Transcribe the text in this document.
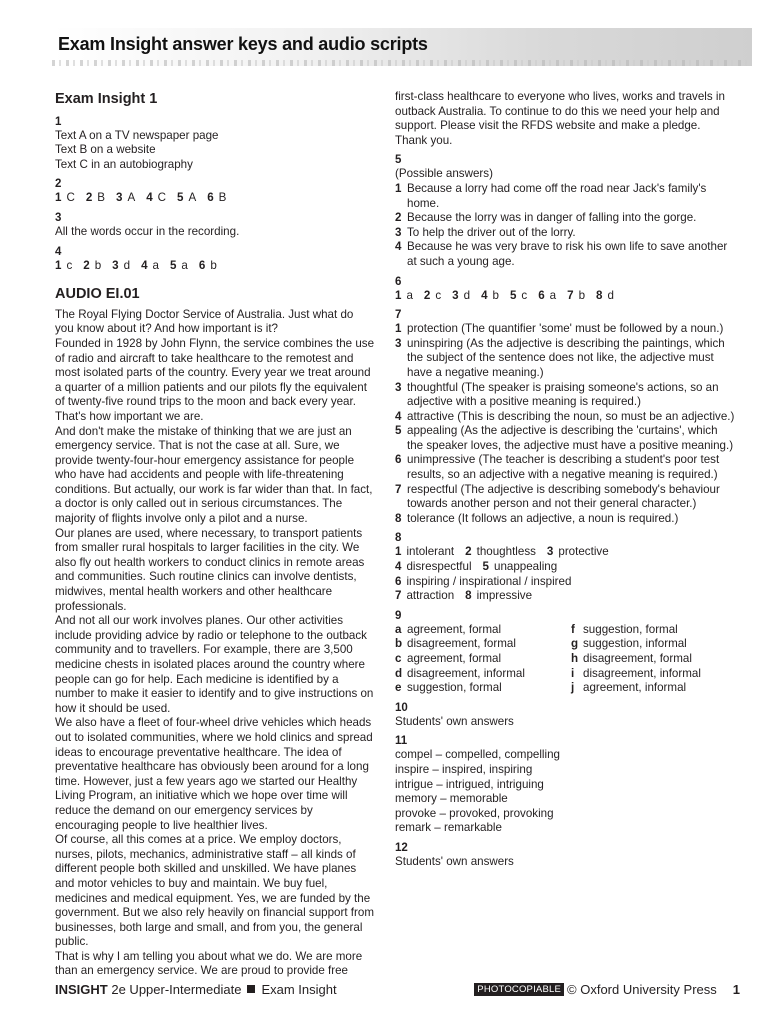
Exam Insight answer keys and audio scripts
Exam Insight 1
1
Text A on a TV newspaper page
Text B on a website
Text C in an autobiography
2
1 C 2 B 3 A 4 C 5 A 6 B
3
All the words occur in the recording.
4
1 c 2 b 3 d 4 a 5 a 6 b
AUDIO EI.01
The Royal Flying Doctor Service of Australia. Just what do you know about it? And how important is it?
Founded in 1928 by John Flynn, the service combines the use of radio and aircraft to take healthcare to the remotest and most isolated parts of the country. Every year we treat around a quarter of a million patients and our pilots fly the equivalent of twenty-five round trips to the moon and back every year. That's how important we are.
And don't make the mistake of thinking that we are just an emergency service. That is not the case at all. Sure, we provide twenty-four-hour emergency assistance for people who have had accidents and people with life-threatening conditions. But actually, our work is far wider than that. In fact, a doctor is only called out in serious circumstances. The majority of flights involve only a pilot and a nurse.
Our planes are used, where necessary, to transport patients from smaller rural hospitals to larger facilities in the city. We also fly out health workers to conduct clinics in remote areas and communities. Such routine clinics can involve dentists, midwives, mental health workers and other healthcare professionals.
And not all our work involves planes. Our other activities include providing advice by radio or telephone to the outback community and to travellers. For example, there are 3,500 medicine chests in isolated places around the country where people can go for help. Each medicine is identified by a number to make it easier to identify and to give instructions on how it should be used.
We also have a fleet of four-wheel drive vehicles which heads out to isolated communities, where we hold clinics and spread ideas to encourage preventative healthcare. The idea of preventative healthcare has obviously been around for a long time. However, just a few years ago we started our Healthy Living Program, an initiative which we hope over time will reduce the demand on our emergency services by encouraging people to live healthier lives.
Of course, all this comes at a price. We employ doctors, nurses, pilots, mechanics, administrative staff – all kinds of different people both skilled and unskilled. We have planes and motor vehicles to buy and maintain. We buy fuel, medicines and medical equipment. Yes, we are funded by the government. But we also rely heavily on financial support from businesses, both large and small, and from you, the general public.
That is why I am telling you about what we do. We are more than an emergency service. We are proud to provide free
first-class healthcare to everyone who lives, works and travels in outback Australia. To continue to do this we need your help and support. Please visit the RFDS website and make a pledge. Thank you.
5
(Possible answers)
1 Because a lorry had come off the road near Jack's family's home.
2 Because the lorry was in danger of falling into the gorge.
3 To help the driver out of the lorry.
4 Because he was very brave to risk his own life to save another at such a young age.
6
1 a 2 c 3 d 4 b 5 c 6 a 7 b 8 d
7
1 protection (The quantifier 'some' must be followed by a noun.)
3 uninspiring (As the adjective is describing the paintings, which the subject of the sentence does not like, the adjective must have a negative meaning.)
3 thoughtful (The speaker is praising someone's actions, so an adjective with a positive meaning is required.)
4 attractive (This is describing the noun, so must be an adjective.)
5 appealing (As the adjective is describing the 'curtains', which the speaker loves, the adjective must have a positive meaning.)
6 unimpressive (The teacher is describing a student's poor test results, so an adjective with a negative meaning is required.)
7 respectful (The adjective is describing somebody's behaviour towards another person and not their general character.)
8 tolerance (It follows an adjective, a noun is required.)
8
1 intolerant 2 thoughtless 3 protective
4 disrespectful 5 unappealing
6 inspiring / inspirational / inspired
7 attraction 8 impressive
9
a agreement, formal
b disagreement, formal
c agreement, formal
d disagreement, informal
e suggestion, formal
f suggestion, formal
g suggestion, informal
h disagreement, formal
i disagreement, informal
j agreement, informal
10
Students' own answers
11
compel – compelled, compelling
inspire – inspired, inspiring
intrigue – intrigued, intriguing
memory – memorable
provoke – provoked, provoking
remark – remarkable
12
Students' own answers
INSIGHT 2e Upper-Intermediate Exam Insight	PHOTOCOPIABLE © Oxford University Press 1
